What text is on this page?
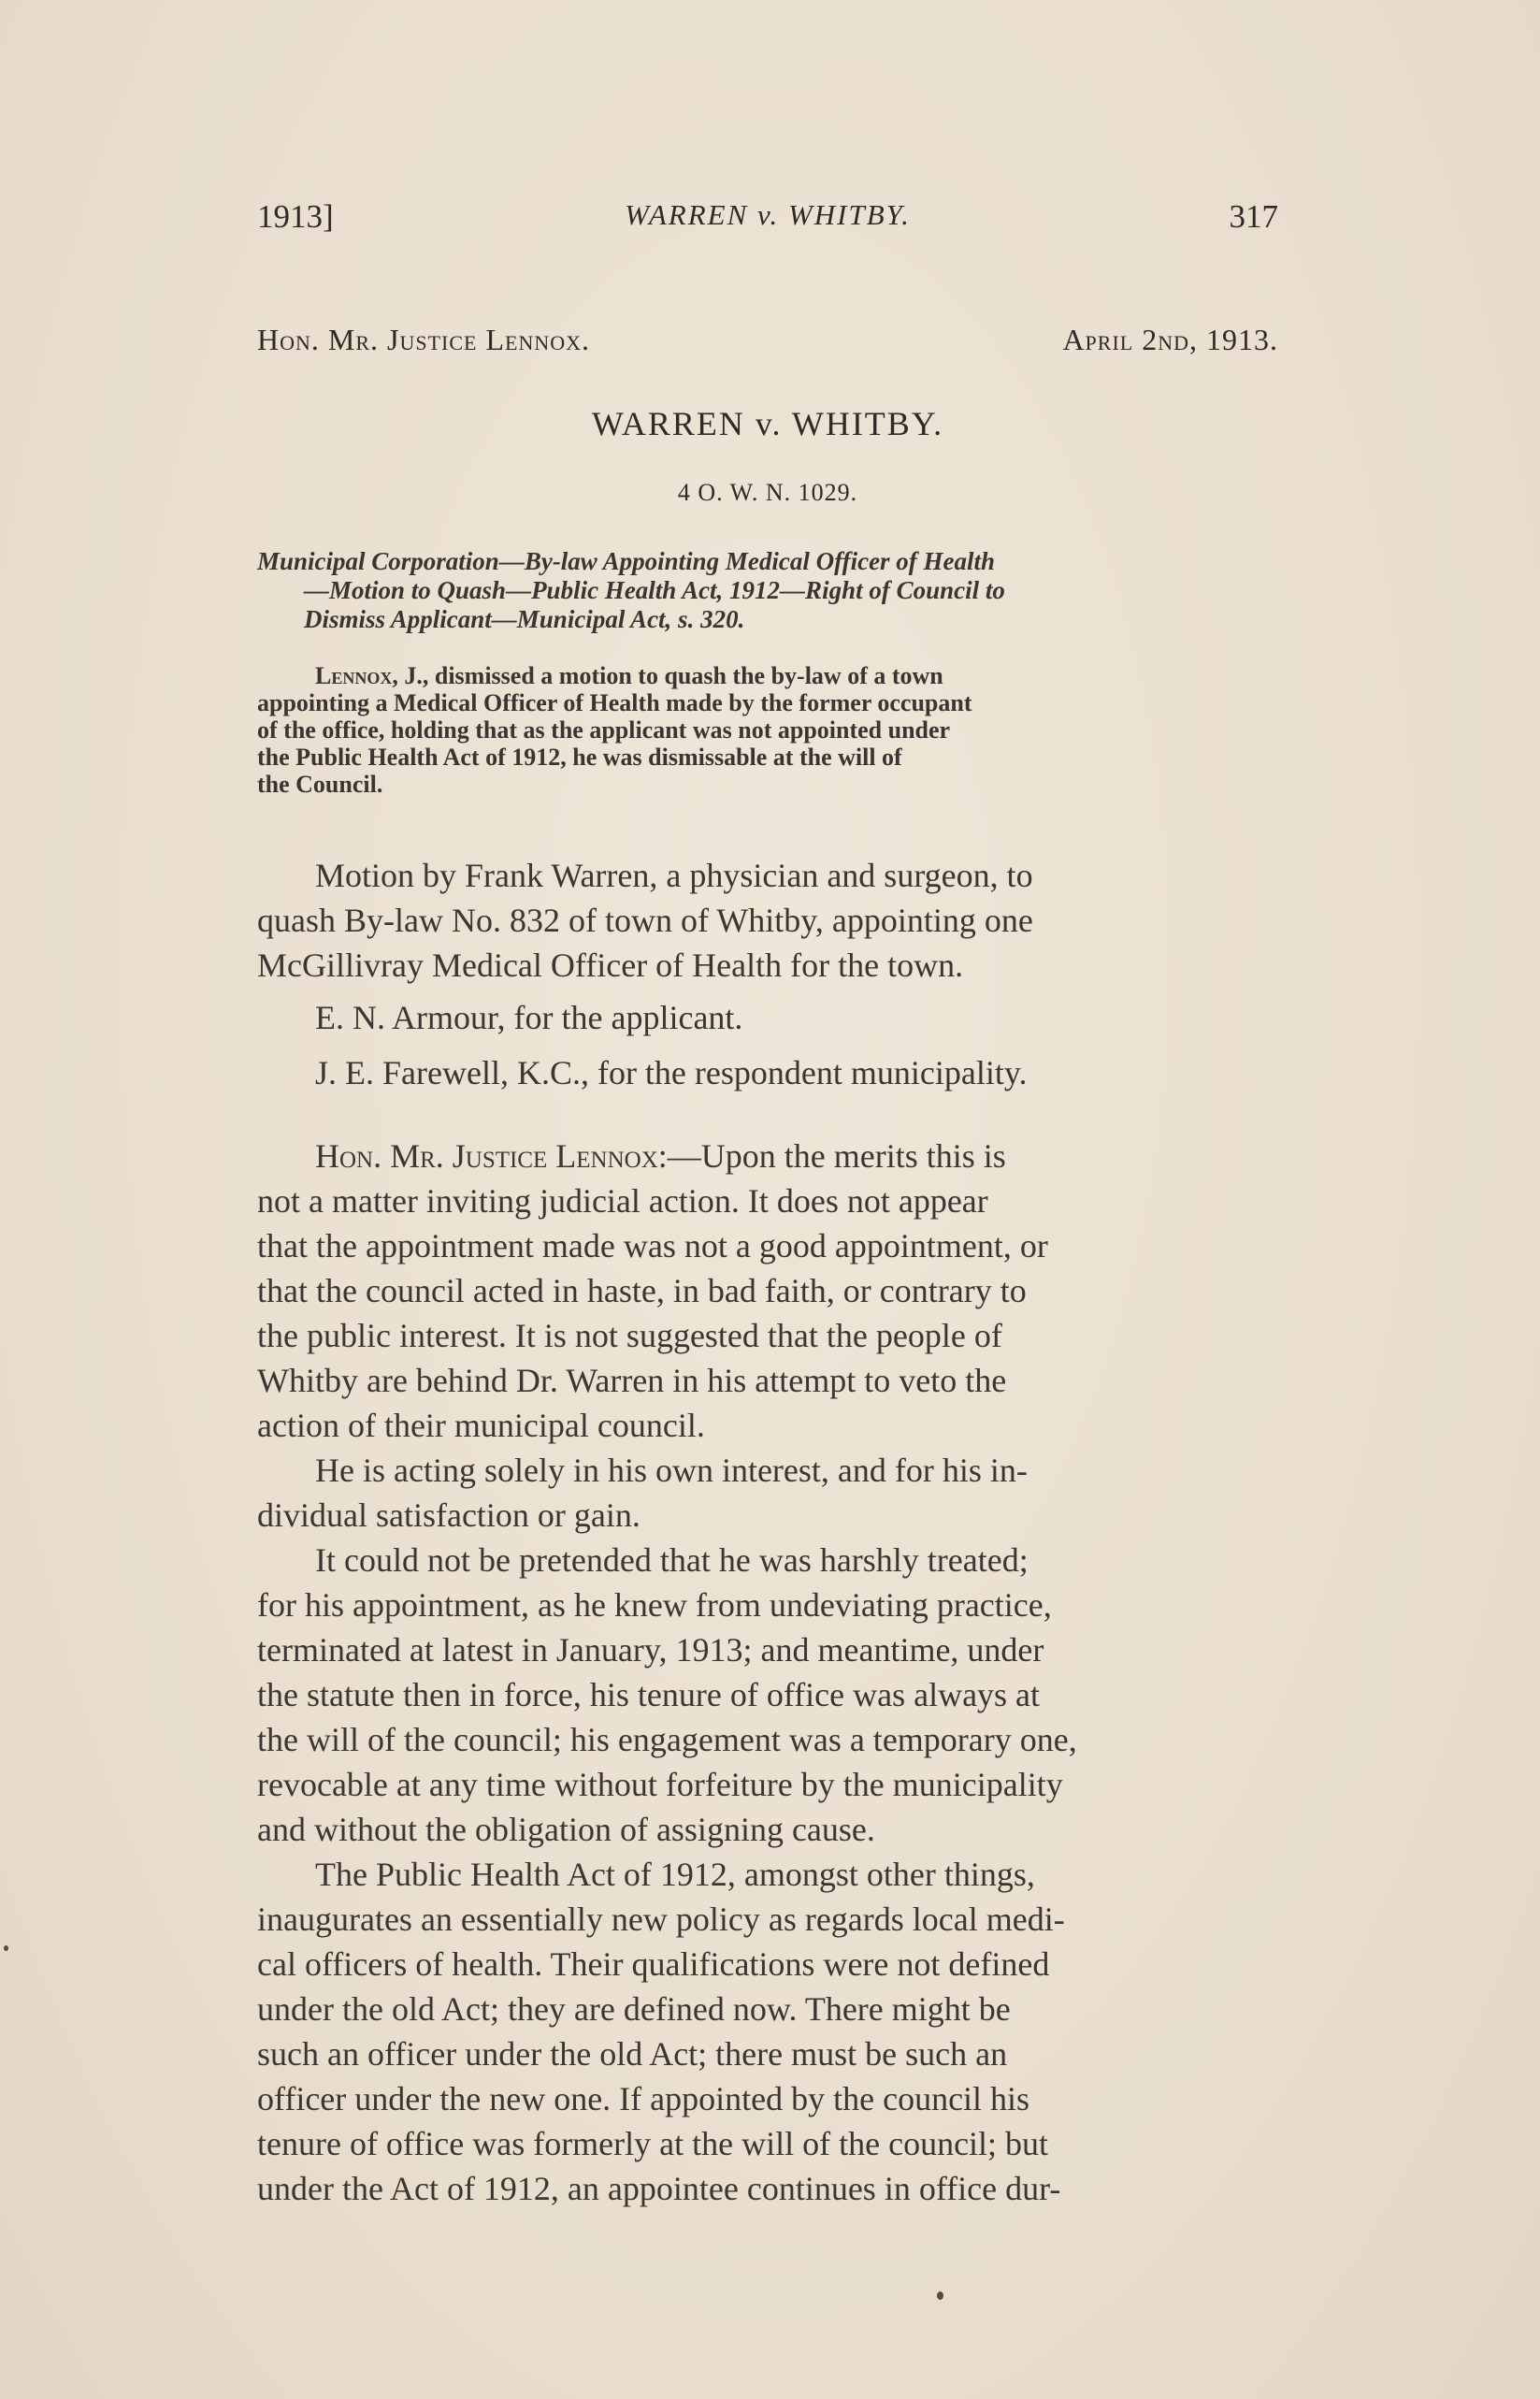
1913]	WARREN v. WHITBY.	317
Hon. Mr. Justice Lennox.	April 2nd, 1913.
WARREN v. WHITBY.
4 O. W. N. 1029.
Municipal Corporation—By-law Appointing Medical Officer of Health
—Motion to Quash—Public Health Act, 1912—Right of Council to
Dismiss Applicant—Municipal Act, s. 320.
Lennox, J., dismissed a motion to quash the by-law of a town
appointing a Medical Officer of Health made by the former occupant
of the office, holding that as the applicant was not appointed under
the Public Health Act of 1912, he was dismissable at the will of
the Council.
Motion by Frank Warren, a physician and surgeon, to
quash By-law No. 832 of town of Whitby, appointing one
McGillivray Medical Officer of Health for the town.
E. N. Armour, for the applicant.
J. E. Farewell, K.C., for the respondent municipality.
Hon. Mr. Justice Lennox:—Upon the merits this is
not a matter inviting judicial action. It does not appear
that the appointment made was not a good appointment, or
that the council acted in haste, in bad faith, or contrary to
the public interest. It is not suggested that the people of
Whitby are behind Dr. Warren in his attempt to veto the
action of their municipal council.
He is acting solely in his own interest, and for his in-
dividual satisfaction or gain.
It could not be pretended that he was harshly treated;
for his appointment, as he knew from undeviating practice,
terminated at latest in January, 1913; and meantime, under
the statute then in force, his tenure of office was always at
the will of the council; his engagement was a temporary one,
revocable at any time without forfeiture by the municipality
and without the obligation of assigning cause.
The Public Health Act of 1912, amongst other things,
inaugurates an essentially new policy as regards local medi-
cal officers of health. Their qualifications were not defined
under the old Act; they are defined now. There might be
such an officer under the old Act; there must be such an
officer under the new one. If appointed by the council his
tenure of office was formerly at the will of the council; but
under the Act of 1912, an appointee continues in office dur-
